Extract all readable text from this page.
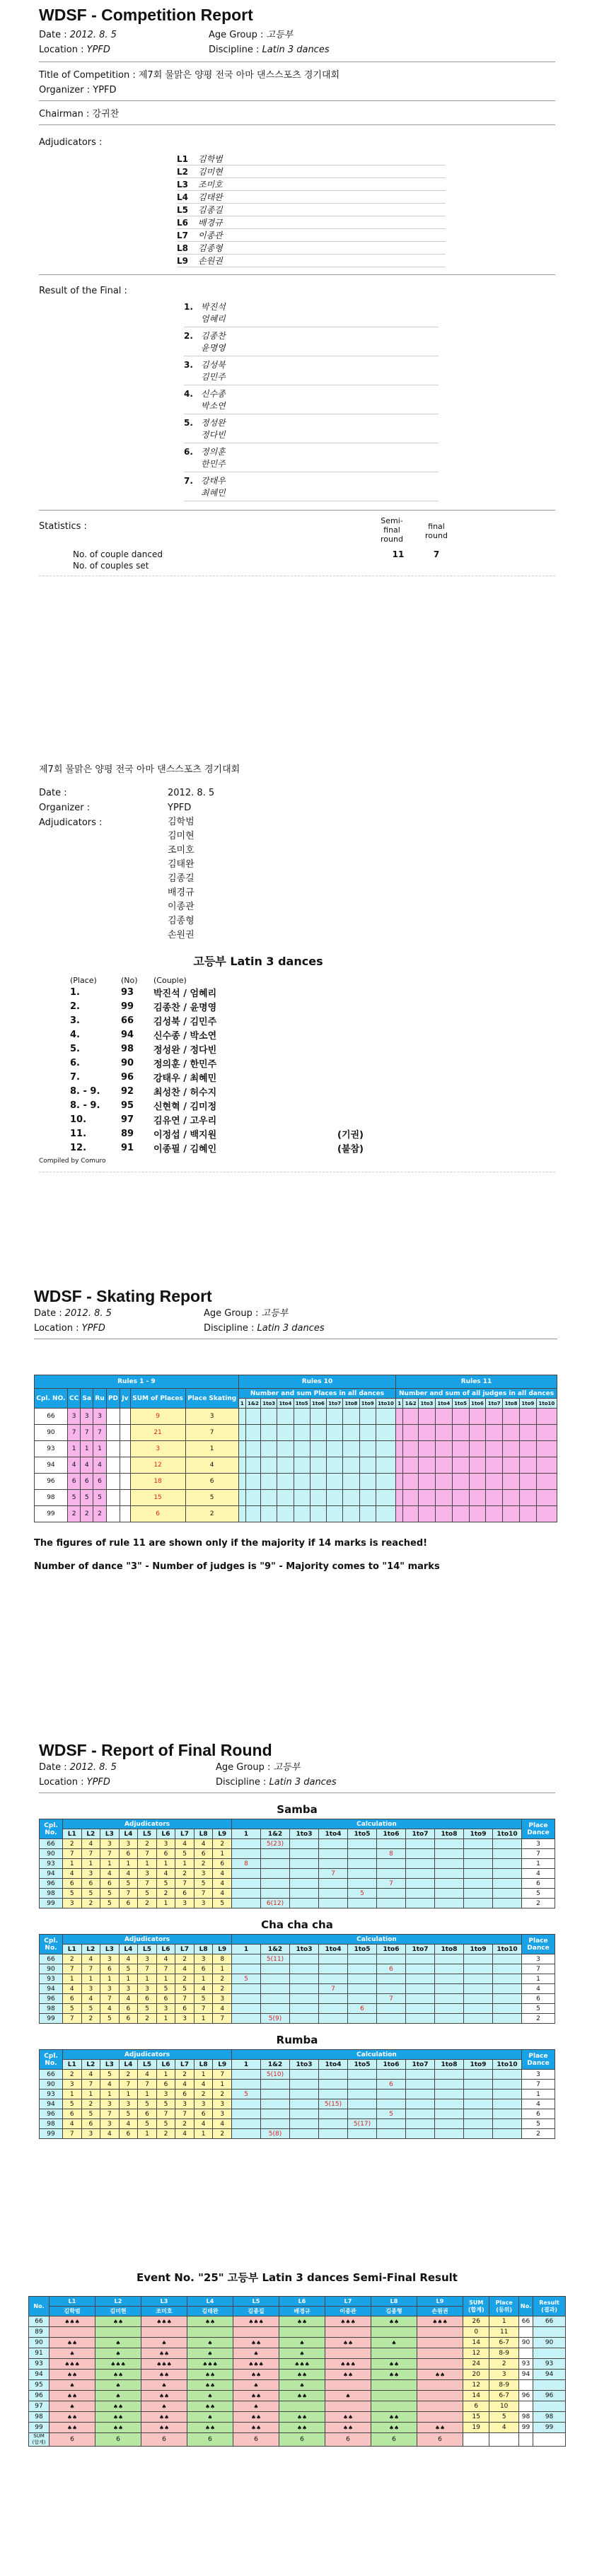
WDSF - Competition Report
Date : 2012. 8. 5	Age Group :
고등부
Location : YPFD	Discipline :
Latin 3 dances
Title of Competition : 제7회 물맑은 양평 전국 아마 댄스스포츠 경기대회
Organizer : YPFD
Chairman : 강귀찬
Adjudicators :
L1	김학범
L2	김미현
L3	조미호
L4	김태완
L5	김종길
L6	배경규
L7	이종관
L8	김종형
L9	손원권
Result of the Final :
1. 박진석
엄혜리
2. 김종찬
윤명영
3. 김성북
김민주
4. 신수종
박소연
5. 정성완
정다빈
6. 정의훈
한민주
7. 강태우
최혜민
Statistics :
Semi-final round
final round
No. of couple danced	11	7
No. of couples set
제7회 물맑은 양평 전국 아마 댄스스포츠 경기대회
Date :	2012. 8. 5
Organizer :	YPFD
Adjudicators :	김학범
김미현
조미호
김태완
김종길
배경규
이종관
김종형
손원권
고등부 Latin 3 dances
(Place)	(No)	(Couple)
1.	93	박진석 / 엄혜리
2.	99	김종찬 / 윤명영
3.	66	김성북 / 김민주
4.	94	신수종 / 박소연
5.	98	정성완 / 정다빈
6.	90	정의훈 / 한민주
7.	96	강태우 / 최혜민
8. - 9.	92	최성찬 / 허수지
8. - 9.	95	신현혁 / 김미정
10.	97	김유연 / 고우리
11.	89	이정섭 / 백지원	(기권)
12.	91	이종필 / 김혜인	(불참)
Compiled by Comuro
WDSF - Skating Report
Date : 2012. 8. 5	Age Group :
고등부
Location : YPFD	Discipline :
Latin 3 dances
Rules 1 - 9								Rules 10										Rules 11									
Cpl. NO.	CC	Sa	Ru	PD	Jv	SUM of Places	Place Skating	Number and sum Places in all dances										Number and sum of all judges in all dances									
								1	1&2	1to3	1to4	1to5	1to6	1to7	1to8	1to9	1to10	1	1&2	1to3	1to4	1to5	1to6	1to7	1to8	1to9	1to10
66	3	3	3			9	3																				
90	7	7	7			21	7																				
93	1	1	1			3	1																				
94	4	4	4			12	4																				
96	6	6	6			18	6																				
98	5	5	5			15	5																				
99	2	2	2			6	2																				
The figures of rule 11 are shown only if the majority if 14 marks is reached!
Number of dance "3" - Number of judges is "9" - Majority comes to "14" marks
WDSF - Report of Final Round
Date : 2012. 8. 5	Age Group :
고등부
Location : YPFD	Discipline :
Latin 3 dances
Samba
Cpl. No.	Adjudicators									Calculation										Place Dance
	L1	L2	L3	L4	L5	L6	L7	L8	L9	1	1&2	1to3	1to4	1to5	1to6	1to7	1to8	1to9	1to10	
66	2	4	3	3	2	3	4	4	2		5(23)									3
90	7	7	7	6	7	6	5	6	1						8					7
93	1	1	1	1	1	1	1	2	6	8										1
94	4	3	4	4	3	4	2	3	4				7							4
96	6	6	6	5	7	5	7	5	4						7					6
98	5	5	5	7	5	2	6	7	4					5						5
99	3	2	5	6	2	1	3	3	5		6(12)									2
Cha cha cha
Cpl. No.	Adjudicators									Calculation										Place Dance
	L1	L2	L3	L4	L5	L6	L7	L8	L9	1	1&2	1to3	1to4	1to5	1to6	1to7	1to8	1to9	1to10	
66	2	4	3	4	3	4	2	3	8		5(11)									3
90	7	7	6	5	7	7	4	6	1						6					7
93	1	1	1	1	1	1	2	1	2	5										1
94	4	3	3	3	3	5	5	4	2				7							4
96	6	4	7	4	6	6	7	5	3						7					6
98	5	5	4	6	5	3	6	7	4					6						5
99	7	2	5	6	2	1	3	1	7		5(9)									2
Rumba
Cpl. No.	Adjudicators									Calculation										Place Dance
	L1	L2	L3	L4	L5	L6	L7	L8	L9	1	1&2	1to3	1to4	1to5	1to6	1to7	1to8	1to9	1to10	
66	2	4	5	2	4	1	2	1	7		5(10)									3
90	3	7	4	7	7	6	4	4	1						6					7
93	1	1	1	1	1	3	6	2	2	5										1
94	5	2	3	3	5	5	3	3	3				5(15)							4
96	6	5	7	5	6	7	7	6	3						5					6
98	4	6	3	4	5	5	2	4	4					5(17)						5
99	7	3	4	6	1	2	4	1	2		5(8)									2
Event No. "25" 고등부 Latin 3 dances Semi-Final Result
No.	L1	L2	L3	L4	L5	L6	L7	L8	L9	SUM (합계)	Place (등위)	No.	Result (결과)
	김학범	김미현	조미호	김태완	김종길	배경규	이종관	김종형	손원권				
66	♠♠♠	♠♠	♠♠♠	♠♠	♠♠♠	♠♠	♠♠♠	♠♠	♠♠♠	26	1	66	66
89										0	11		
90	♠♠	♠	♠	♠	♠♠	♠	♠♠	♠		14	6-7	90	90
91	♠	♠	♠♠	♠	♠	♠				12	8-9		
93	♠♠♠	♠♠♠	♠♠♠	♠♠♠	♠♠♠	♠♠♠	♠♠♠	♠♠		24	2	93	93
94	♠♠	♠♠	♠♠	♠♠	♠♠	♠♠	♠♠	♠♠	♠♠	20	3	94	94
95	♠	♠	♠	♠♠	♠	♠				12	8-9		
96	♠♠	♠	♠♠	♠	♠♠	♠♠	♠			14	6-7	96	96
97	♠	♠♠	♠	♠♠	♠					6	10		
98	♠♠	♠♠	♠♠	♠	♠♠	♠♠	♠♠	♠♠		15	5	98	98
99	♠♠	♠♠	♠♠	♠♠	♠♠	♠♠	♠♠	♠♠	♠♠	19	4	99	99
SUM (합계)	6	6	6	6	6	6	6	6	6				
